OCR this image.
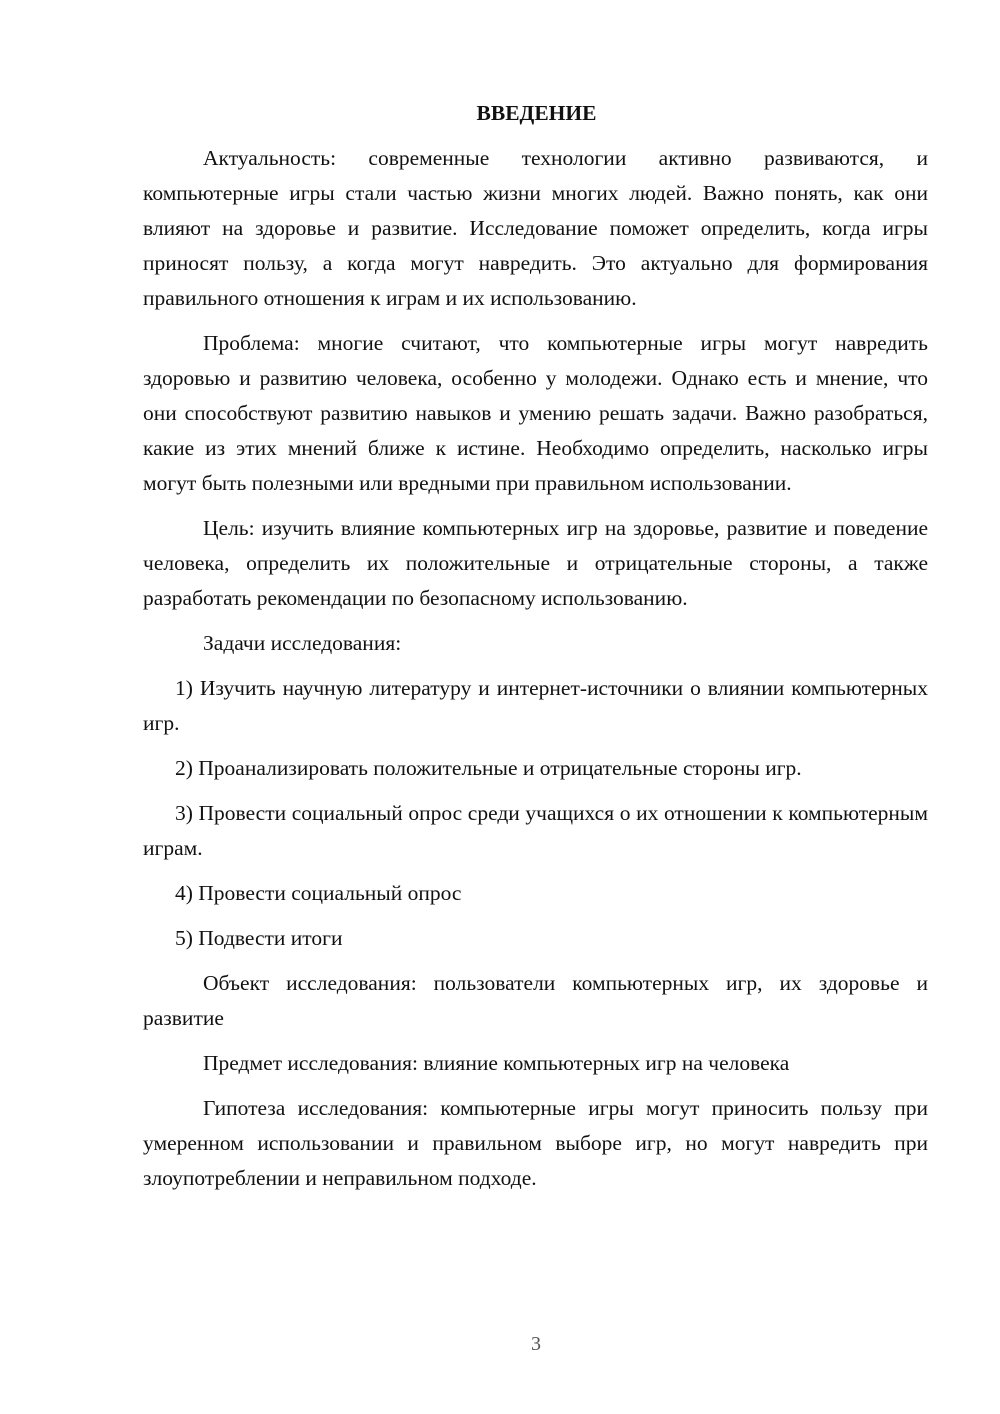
ВВЕДЕНИЕ

Актуальность: современные технологии активно развиваются, и компьютерные игры стали частью жизни многих людей. Важно понять, как они влияют на здоровье и развитие. Исследование поможет определить, когда игры приносят пользу, а когда могут навредить. Это актуально для формирования правильного отношения к играм и их использованию.

Проблема: многие считают, что компьютерные игры могут навредить здоровью и развитию человека, особенно у молодежи. Однако есть и мнение, что они способствуют развитию навыков и умению решать задачи. Важно разобраться, какие из этих мнений ближе к истине. Необходимо определить, насколько игры могут быть полезными или вредными при правильном использовании.

Цель: изучить влияние компьютерных игр на здоровье, развитие и поведение человека, определить их положительные и отрицательные стороны, а также разработать рекомендации по безопасному использованию.

Задачи исследования:

1) Изучить научную литературу и интернет-источники о влиянии компьютерных игр.

2) Проанализировать положительные и отрицательные стороны игр.

3) Провести социальный опрос среди учащихся о их отношении к компьютерным играм.

4) Провести социальный опрос

5) Подвести итоги

Объект исследования: пользователи компьютерных игр, их здоровье и развитие

Предмет исследования: влияние компьютерных игр на человека

Гипотеза исследования: компьютерные игры могут приносить пользу при умеренном использовании и правильном выборе игр, но могут навредить при злоупотреблении и неправильном подходе.

3
